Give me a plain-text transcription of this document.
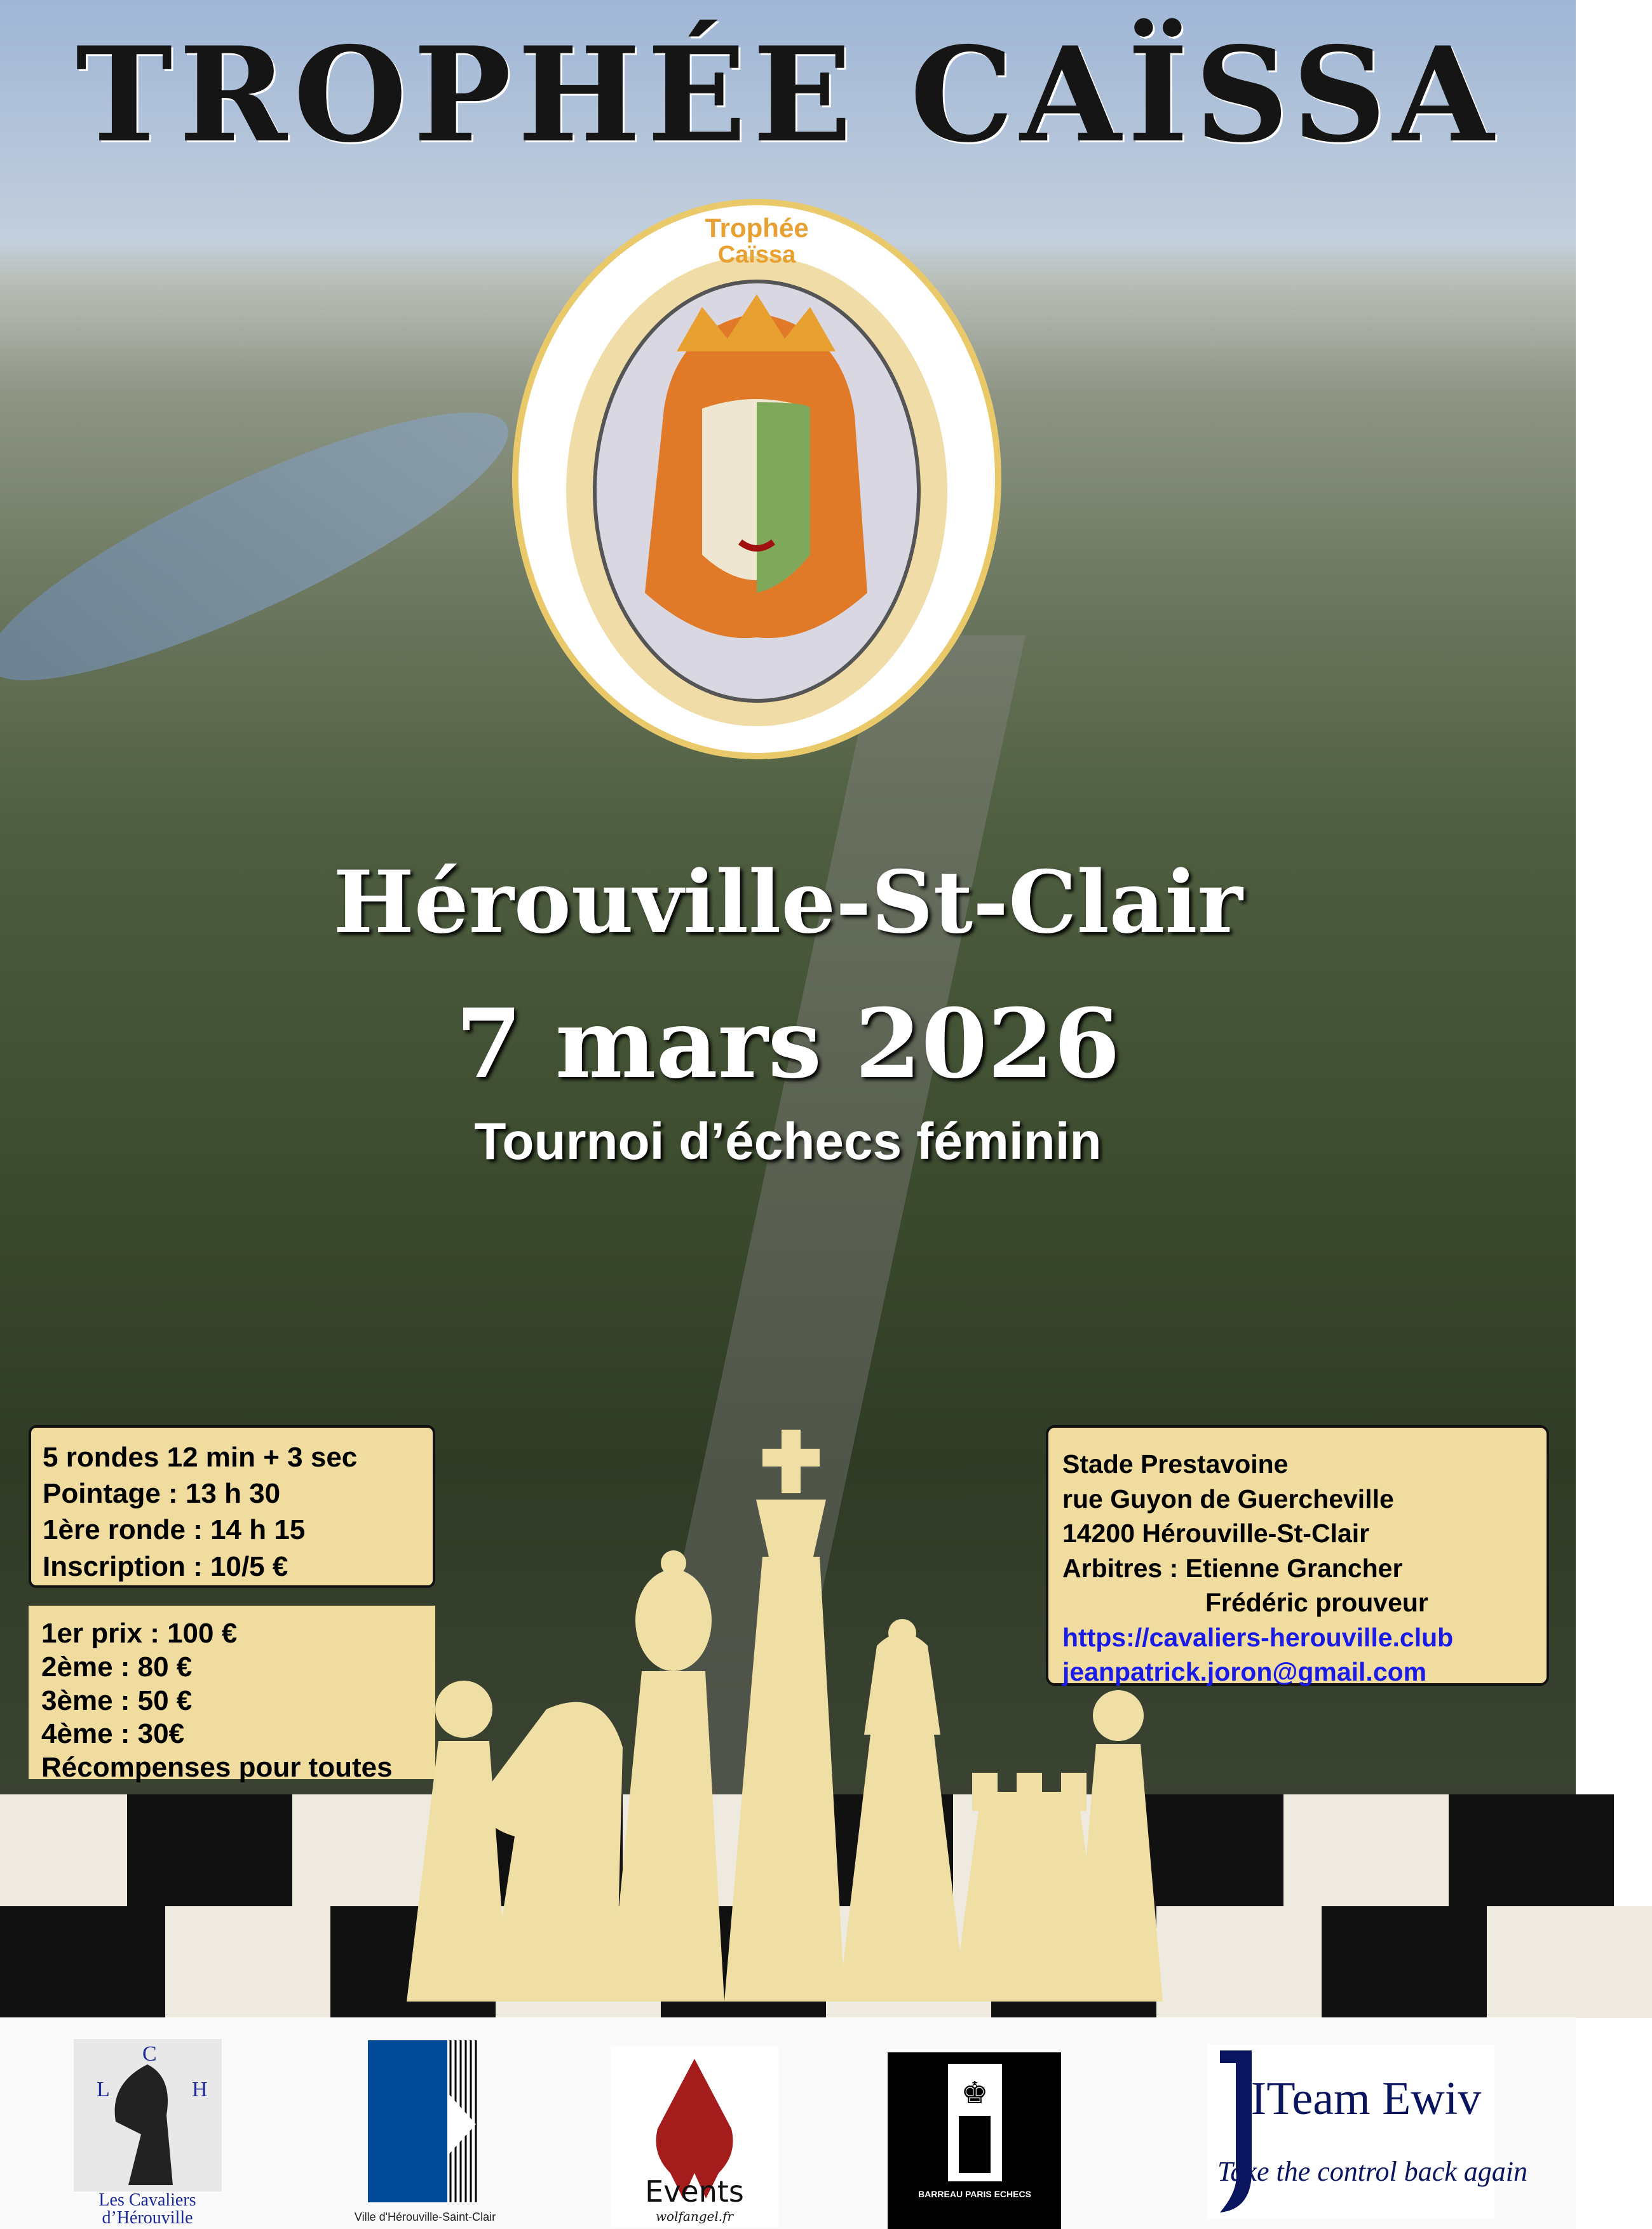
TROPHÉE CAÏSSA
Trophée
Caïssa
Hérouville-St-Clair
7 mars 2026
Tournoi d’échecs féminin
5 rondes 12 min + 3 sec
Pointage : 13 h 30
1ère ronde : 14 h 15
Inscription : 10/5 €
1er prix : 100 €
2ème : 80 €
3ème : 50 €
4ème : 30€
Récompenses pour toutes
Stade Prestavoine
rue Guyon de Guercheville
14200 Hérouville-St-Clair
Arbitres : Etienne Grancher
Frédéric prouveur
https://cavaliers-herouville.club
jeanpatrick.joron@gmail.com
LCH
Les Cavaliers
d’Hérouville	Ville d'Hérouville-Saint-Clair
Events
wolfangel.fr
♚
BARREAU PARIS ECHECS
ITeam Ewiv
Take the control back again
